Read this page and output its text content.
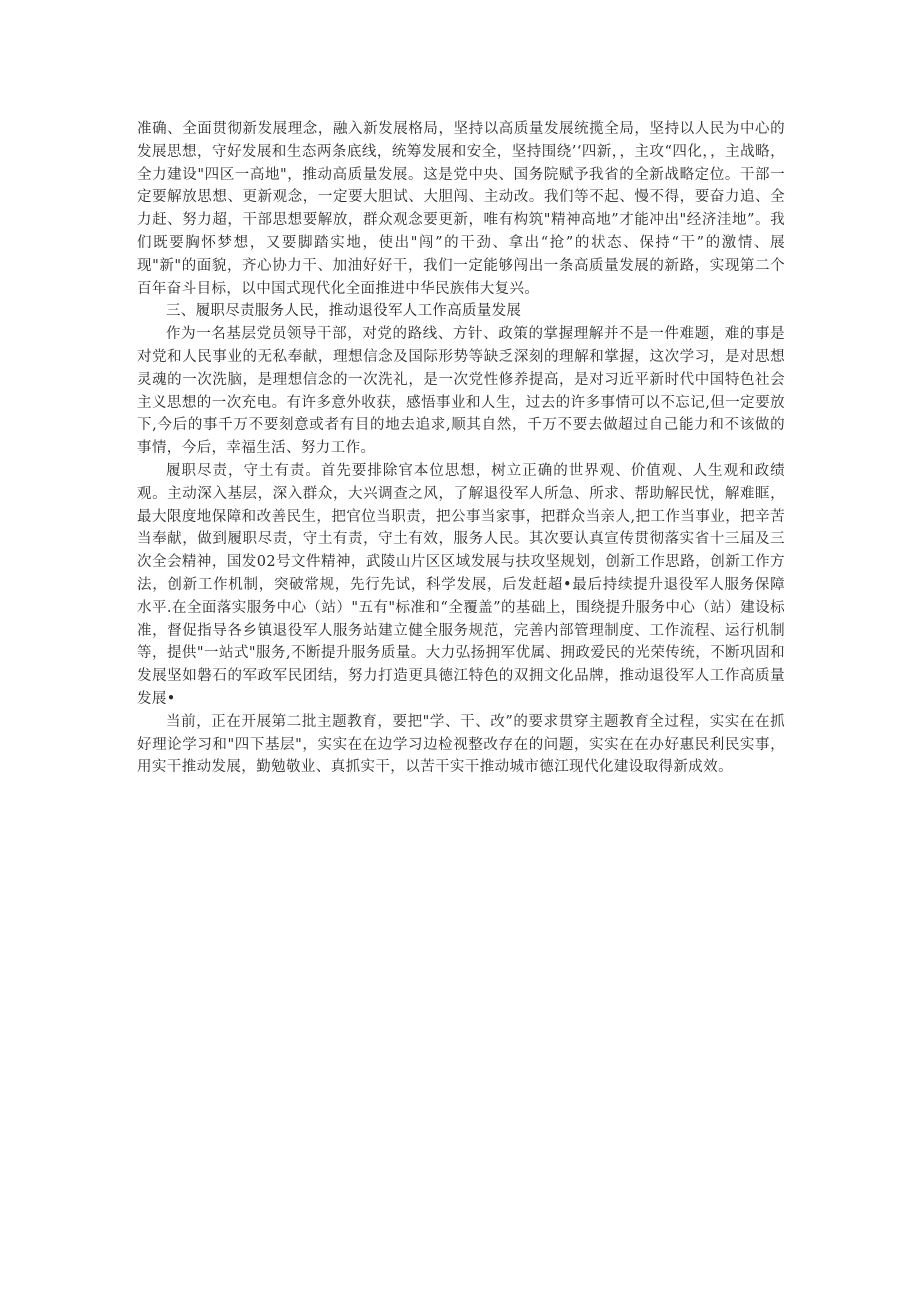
准确、全面贯彻新发展理念，融入新发展格局，坚持以高质量发展统揽全局，坚持以人民为中心的发展思想，守好发展和生态两条底线，统筹发展和安全，坚持围绕’‘四新，，主攻“四化，，主战略，全力建设"四区一高地"，推动高质量发展。这是党中央、国务院赋予我省的全新战略定位。干部一定要解放思想、更新观念，一定要大胆试、大胆闯、主动改。我们等不起、慢不得，要奋力追、全力赶、努力超，干部思想要解放，群众观念要更新，唯有构筑"精神高地”才能冲出"经济洼地”。我们既要胸怀梦想，又要脚踏实地，使出"闯”的干劲、拿出“抢”的状态、保持“干”的激情、展现"新"的面貌，齐心协力干、加油好好干，我们一定能够闯出一条高质量发展的新路，实现第二个百年奋斗目标，以中国式现代化全面推进中华民族伟大复兴。

三、履职尽责服务人民，推动退役军人工作高质量发展

作为一名基层党员领导干部，对党的路线、方针、政策的掌握理解并不是一件难题，难的事是对党和人民事业的无私奉献，理想信念及国际形势等缺乏深刻的理解和掌握，这次学习，是对思想灵魂的一次洗脑，是理想信念的一次洗礼，是一次党性修养提高，是对习近平新时代中国特色社会主义思想的一次充电。有许多意外收获，感悟事业和人生，过去的许多事情可以不忘记,但一定要放下,今后的事千万不要刻意或者有目的地去追求,顺其自然，千万不要去做超过自己能力和不该做的事情，今后，幸福生活、努力工作。

履职尽责，守土有责。首先要排除官本位思想，树立正确的世界观、价值观、人生观和政绩观。主动深入基层，深入群众，大兴调查之风，了解退役军人所急、所求、帮助解民忧，解难眶，最大限度地保障和改善民生，把官位当职责，把公事当家事，把群众当亲人,把工作当事业，把辛苦当奉献，做到履职尽责，守土有责，守土有效，服务人民。其次要认真宣传贯彻落实省十三届及三次全会精神，国发02号文件精神，武陵山片区区域发展与扶攻坚规划，创新工作思路，创新工作方法，创新工作机制，突破常规，先行先试，科学发展，后发赶超•最后持续提升退役军人服务保障水平.在全面落实服务中心（站）"五有"标准和“全覆盖”的基础上，围绕提升服务中心（站）建设标准，督促指导各乡镇退役军人服务站建立健全服务规范，完善内部管理制度、工作流程、运行机制等，提供"一站式"服务,不断提升服务质量。大力弘扬拥军优属、拥政爱民的光荣传统，不断巩固和发展坚如磐石的军政军民团结，努力打造更具德江特色的双拥文化品牌，推动退役军人工作高质量发展•

当前，正在开展第二批主题教育，要把"学、干、改”的要求贯穿主题教育全过程，实实在在抓好理论学习和"四下基层"，实实在在边学习边检视整改存在的问题，实实在在办好惠民利民实事，用实干推动发展，勤勉敬业、真抓实干，以苦干实干推动城市德江现代化建设取得新成效。
